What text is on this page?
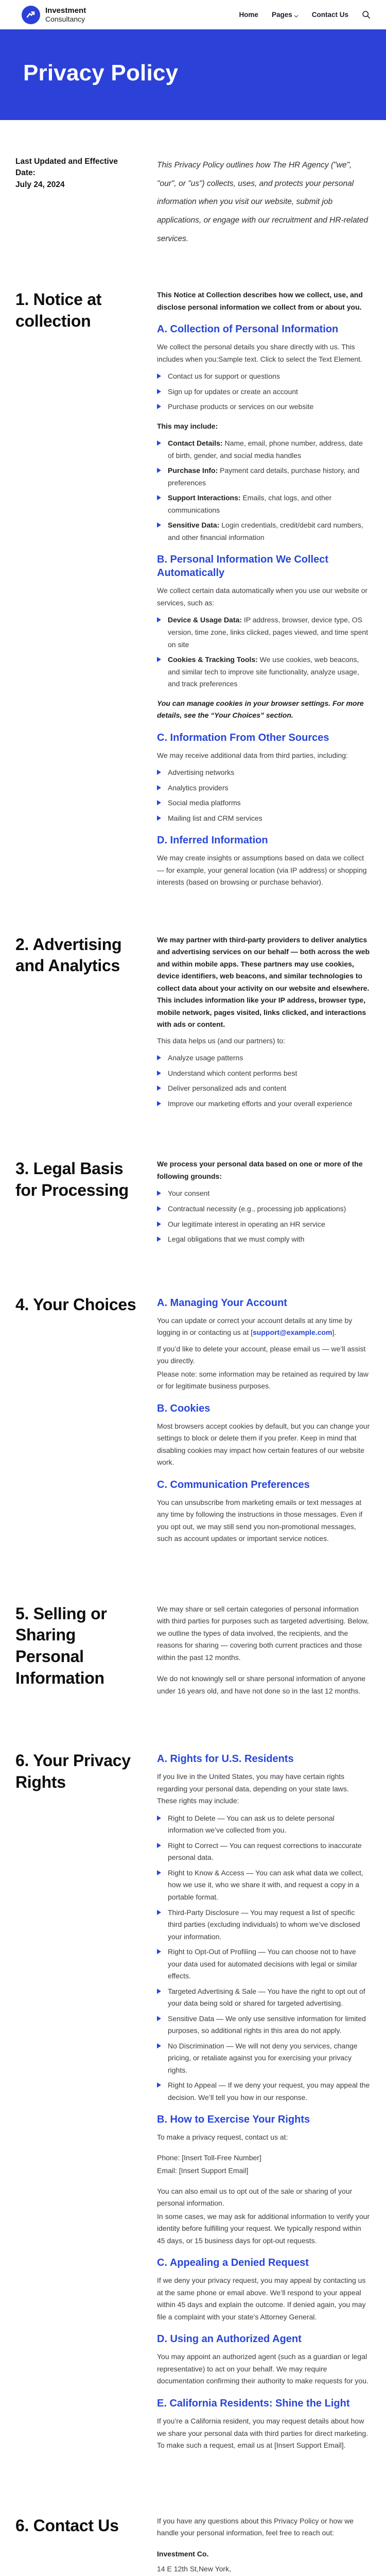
Investment
Consultancy
Home Pages	Contact Us
Privacy Policy
Last Updated and Effective Date:
July 24, 2024
This Privacy Policy outlines how The HR Agency ("we", "our", or "us") collects, uses, and protects your personal information when you visit our website, submit job applications, or engage with our recruitment and HR-related services.
1. Notice at collection

This Notice at Collection describes how we collect, use, and disclose personal information we collect from or about you.

A. Collection of Personal Information

We collect the personal details you share directly with us. This includes when you:Sample text. Click to select the Text Element.

Contact us for support or questions
Sign up for updates or create an account
Purchase products or services on our website

This may include:

Contact Details: Name, email, phone number, address, date of birth, gender, and social media handles
Purchase Info: Payment card details, purchase history, and preferences
Support Interactions: Emails, chat logs, and other communications
Sensitive Data: Login credentials, credit/debit card numbers, and other financial information
B. Personal Information We Collect Automatically

We collect certain data automatically when you use our website or services, such as:

Device & Usage Data: IP address, browser, device type, OS version, time zone, links clicked, pages viewed, and time spent on site
Cookies & Tracking Tools: We use cookies, web beacons, and similar tech to improve site functionality, analyze usage, and track preferences

You can manage cookies in your browser settings. For more details, see the “Your Choices” section.

C. Information From Other Sources

We may receive additional data from third parties, including:

Advertising networks
Analytics providers
Social media platforms
Mailing list and CRM services
D. Inferred Information

We may create insights or assumptions based on data we collect — for example, your general location (via IP address) or shopping interests (based on browsing or purchase behavior).

2. Advertising and Analytics

We may partner with third-party providers to deliver analytics and advertising services on our behalf — both across the web and within mobile apps. These partners may use cookies, device identifiers, web beacons, and similar technologies to collect data about your activity on our website and elsewhere. This includes information like your IP address, browser type, mobile network, pages visited, links clicked, and interactions with ads or content.

This data helps us (and our partners) to:

Analyze usage patterns
Understand which content performs best
Deliver personalized ads and content
Improve our marketing efforts and your overall experience
3. Legal Basis for Processing

We process your personal data based on one or more of the following grounds:

Your consent
Contractual necessity (e.g., processing job applications)
Our legitimate interest in operating an HR service
Legal obligations that we must comply with
4. Your Choices A. Managing Your Account

You can update or correct your account details at any time by logging in or contacting us at [support@example.com].

If you’d like to delete your account, please email us — we’ll assist you directly.

Please note: some information may be retained as required by law or for legitimate business purposes.

B. Cookies

Most browsers accept cookies by default, but you can change your settings to block or delete them if you prefer. Keep in mind that disabling cookies may impact how certain features of our website work.

C. Communication Preferences

You can unsubscribe from marketing emails or text messages at any time by following the instructions in those messages. Even if you opt out, we may still send you non-promotional messages, such as account updates or important service notices.

5. Selling or Sharing Personal Information

We may share or sell certain categories of personal information with third parties for purposes such as targeted advertising. Below, we outline the types of data involved, the recipients, and the reasons for sharing — covering both current practices and those within the past 12 months.

We do not knowingly sell or share personal information of anyone under 16 years old, and have not done so in the last 12 months.

6. Your Privacy Rights
A. Rights for U.S. Residents

If you live in the United States, you may have certain rights regarding your personal data, depending on your state laws. These rights may include:

Right to Delete — You can ask us to delete personal information we’ve collected from you.
Right to Correct — You can request corrections to inaccurate personal data.
Right to Know & Access — You can ask what data we collect, how we use it, who we share it with, and request a copy in a portable format.
Third-Party Disclosure — You may request a list of specific third parties (excluding individuals) to whom we’ve disclosed your information.
Right to Opt-Out of Profiling — You can choose not to have your data used for automated decisions with legal or similar effects.
Targeted Advertising & Sale — You have the right to opt out of your data being sold or shared for targeted advertising.
Sensitive Data — We only use sensitive information for limited purposes, so additional rights in this area do not apply.
No Discrimination — We will not deny you services, change pricing, or retaliate against you for exercising your privacy rights.
Right to Appeal — If we deny your request, you may appeal the decision. We’ll tell you how in our response.
B. How to Exercise Your Rights

To make a privacy request, contact us at:

Phone: [Insert Toll-Free Number]

Email: [Insert Support Email]

You can also email us to opt out of the sale or sharing of your personal information.

In some cases, we may ask for additional information to verify your identity before fulfilling your request. We typically respond within 45 days, or 15 business days for opt-out requests.

C. Appealing a Denied Request

If we deny your privacy request, you may appeal by contacting us at the same phone or email above. We’ll respond to your appeal within 45 days and explain the outcome. If denied again, you may file a complaint with your state’s Attorney General.

D. Using an Authorized Agent

You may appoint an authorized agent (such as a guardian or legal representative) to act on your behalf. We may require documentation confirming their authority to make requests for you.

E. California Residents: Shine the Light

If you’re a California resident, you may request details about how we share your personal data with third parties for direct marketing. To make such a request, email us at [Insert Support Email].

6. Contact Us	If you have any questions about this Privacy Policy or how we handle your personal information, feel free to reach out:

Investment Co.
14 E 12th St,New York,
